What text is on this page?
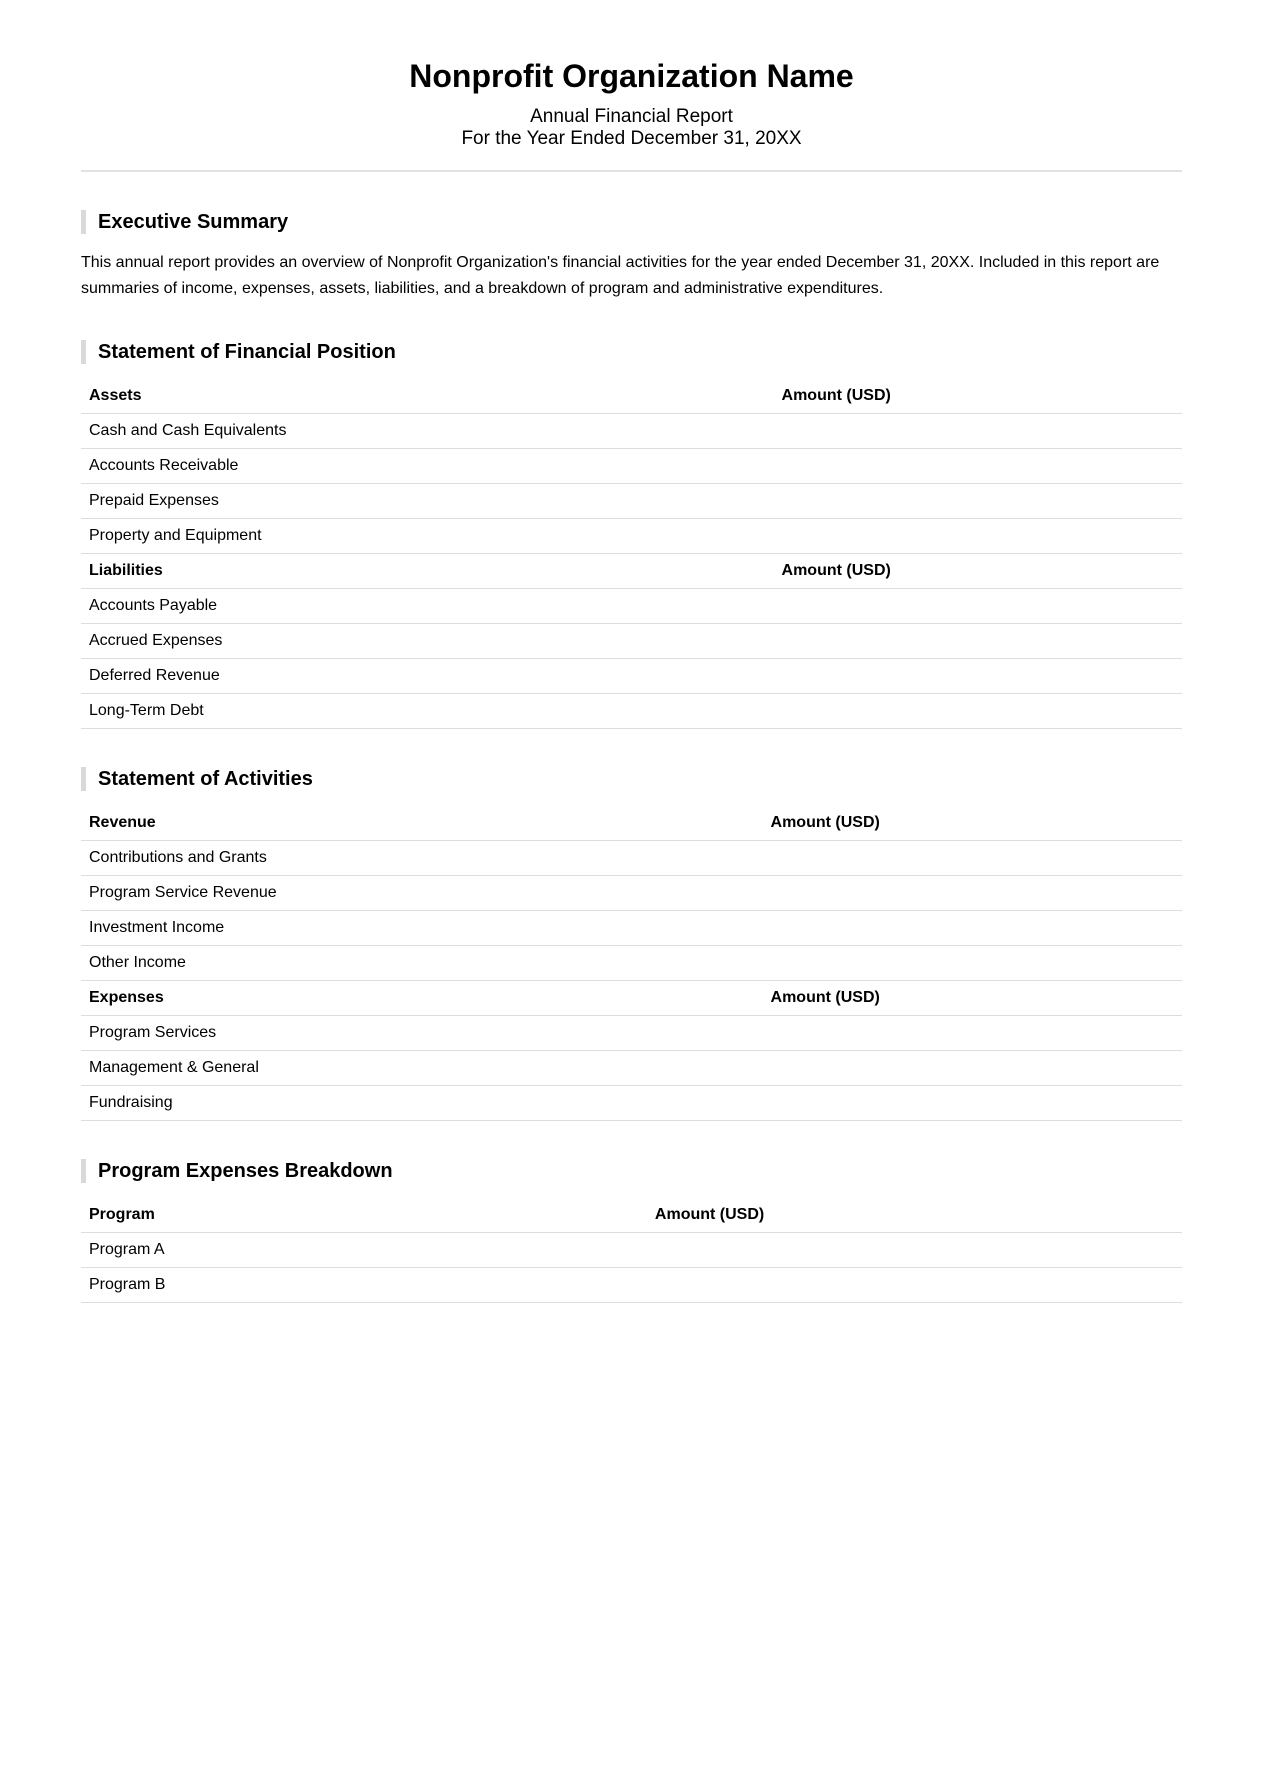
Nonprofit Organization Name

Annual Financial Report

For the Year Ended December 31, 20XX

Executive Summary

This annual report provides an overview of Nonprofit Organization's financial activities for the year ended December 31, 20XX. Included in this report are summaries of income, expenses, assets, liabilities, and a breakdown of program and administrative expenditures.

Statement of Financial Position
Assets	Amount (USD)
Cash and Cash Equivalents	
Accounts Receivable	
Prepaid Expenses	
Property and Equipment	
Liabilities	Amount (USD)
Accounts Payable	
Accrued Expenses	
Deferred Revenue	
Long-Term Debt	
Statement of Activities
Revenue	Amount (USD)
Contributions and Grants	
Program Service Revenue	
Investment Income	
Other Income	
Expenses	Amount (USD)
Program Services	
Management & General	
Fundraising	
Program Expenses Breakdown
Program	Amount (USD)
Program A	
Program B	
